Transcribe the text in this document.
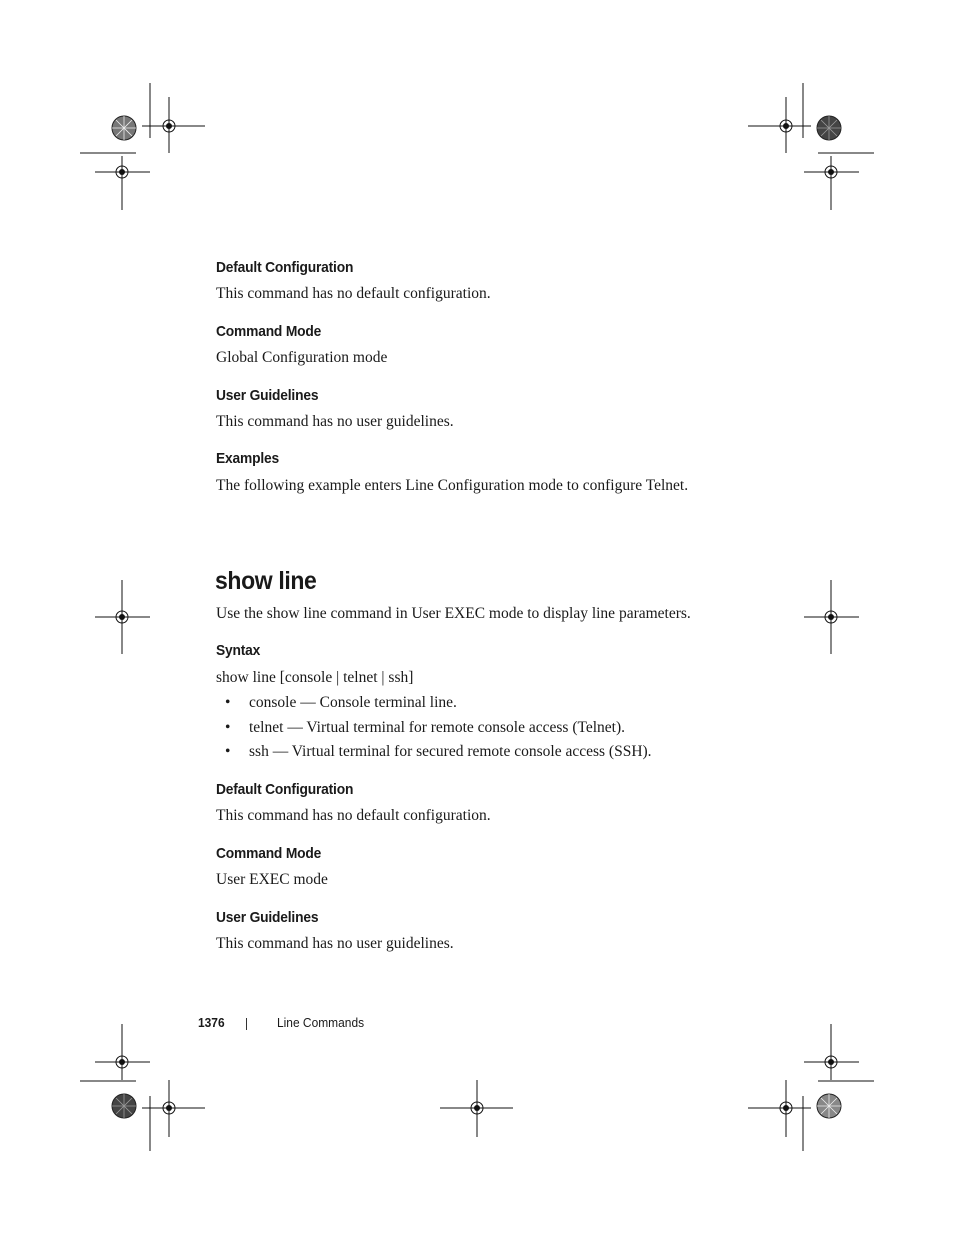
Default Configuration
This command has no default configuration.
Command Mode
Global Configuration mode
User Guidelines
This command has no user guidelines.
Examples
The following example enters Line Configuration mode to configure Telnet.
show line
Use the show line command in User EXEC mode to display line parameters.
Syntax
show line [console | telnet | ssh]
• console — Console terminal line.
• telnet — Virtual terminal for remote console access (Telnet).
• ssh — Virtual terminal for secured remote console access (SSH).
Default Configuration
This command has no default configuration.
Command Mode
User EXEC mode
User Guidelines
This command has no user guidelines.
1376	Line Commands
